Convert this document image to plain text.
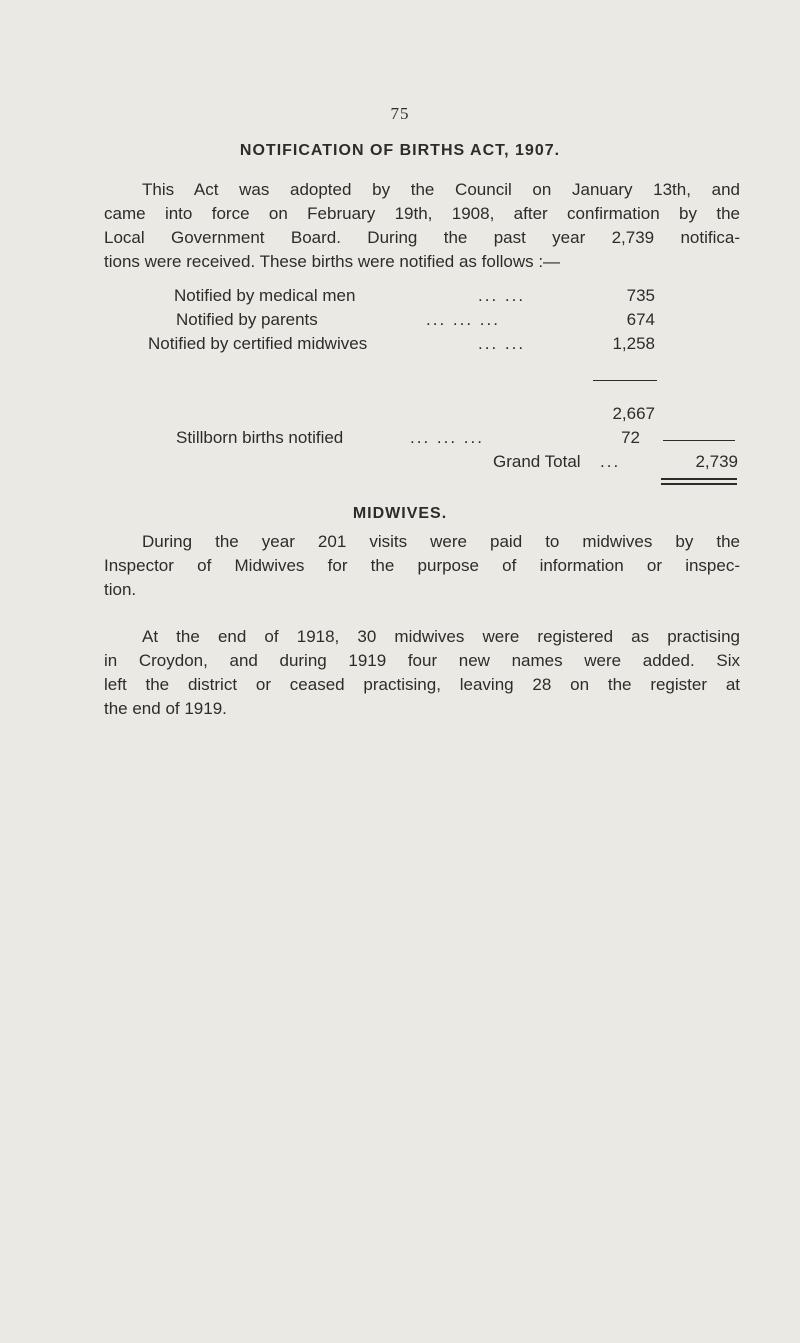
75
NOTIFICATION OF BIRTHS ACT, 1907.
This Act was adopted by the Council on January 13th, and
came into force on February 19th, 1908, after confirmation by the
Local Government Board. During the past year 2,739 notifica-
tions were received. These births were notified as follows :—
Notified by medical men	... ...	735
Notified by parents	... ... ...	674
Notified by certified midwives	... ...	1,258
2,667
Stillborn births notified	... ... ...	72
Grand Total ...	2,739
MIDWIVES.
During the year 201 visits were paid to midwives by the
Inspector of Midwives for the purpose of information or inspec-
tion.
At the end of 1918, 30 midwives were registered as practising
in Croydon, and during 1919 four new names were added. Six
left the district or ceased practising, leaving 28 on the register at
the end of 1919.
